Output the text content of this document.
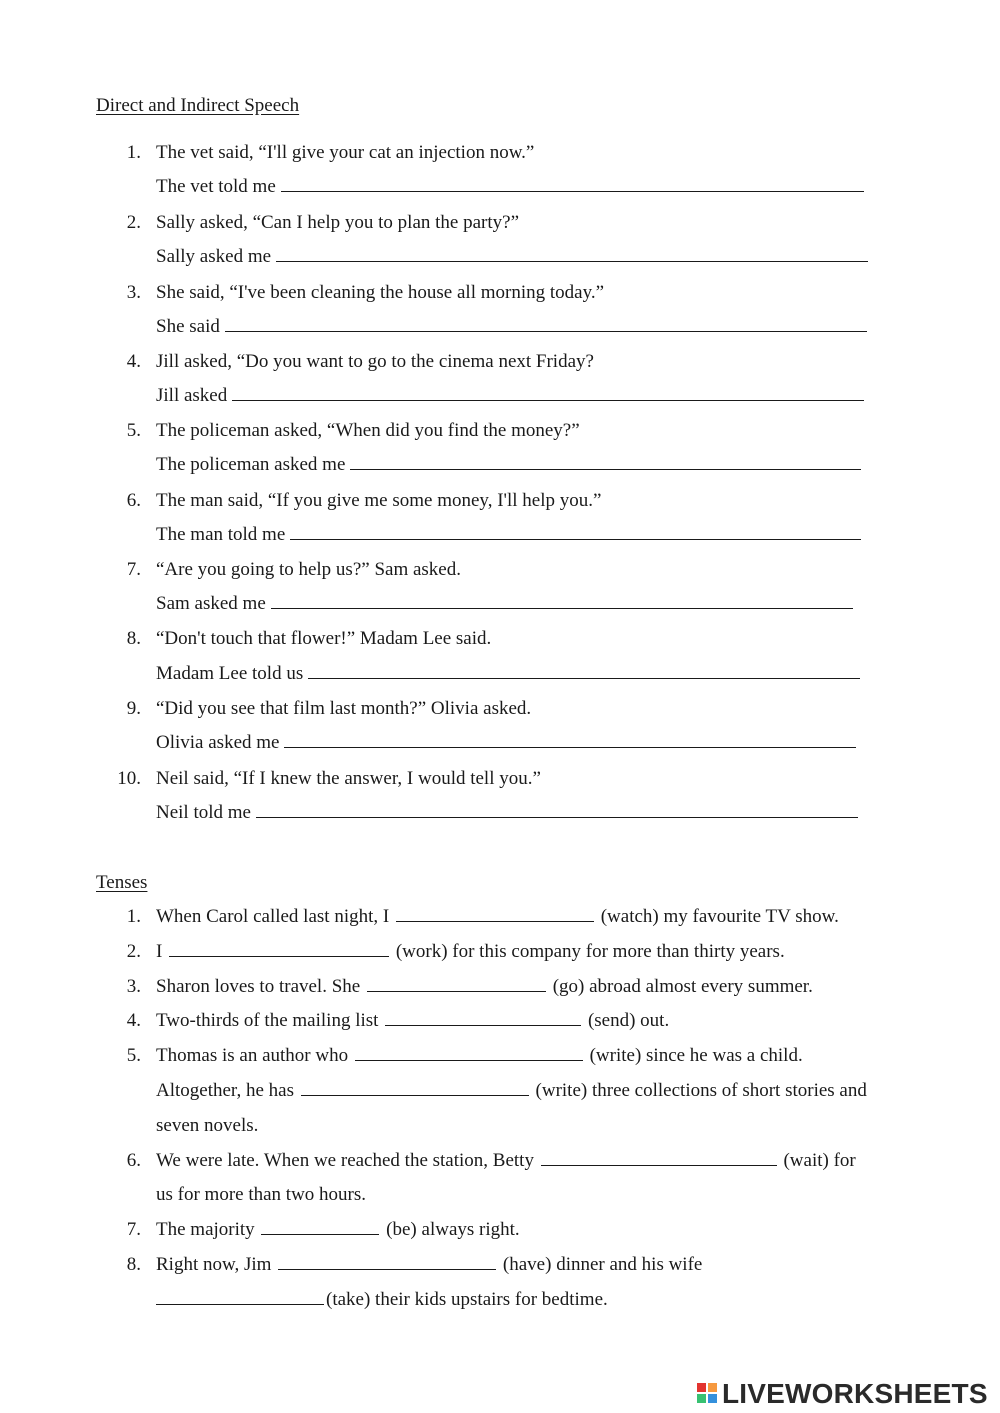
Direct and Indirect Speech
1. The vet said, “I'll give your cat an injection now.”
The vet told me
2. Sally asked, “Can I help you to plan the party?”
Sally asked me
3. She said, “I've been cleaning the house all morning today.”
She said
4. Jill asked, “Do you want to go to the cinema next Friday?
Jill asked
5. The policeman asked, “When did you find the money?”
The policeman asked me
6. The man said, “If you give me some money, I'll help you.”
The man told me
7. “Are you going to help us?” Sam asked.
Sam asked me
8. “Don't touch that flower!” Madam Lee said.
Madam Lee told us
9. “Did you see that film last month?” Olivia asked.
Olivia asked me
10. Neil said, “If I knew the answer, I would tell you.”
Neil told me
Tenses
1. When Carol called last night, I	(watch) my favourite TV show.
2. I	(work) for this company for more than thirty years.
3. Sharon loves to travel. She	(go) abroad almost every summer.
4. Two-thirds of the mailing list	(send) out.
5. Thomas is an author who	(write) since he was a child.
Altogether, he has	(write) three collections of short stories and
seven novels.
6. We were late. When we reached the station, Betty	(wait) for
us for more than two hours.
7. The majority	(be) always right.
8. Right now, Jim	(have) dinner and his wife
(take) their kids upstairs for bedtime.
LIVEWORKSHEETS
